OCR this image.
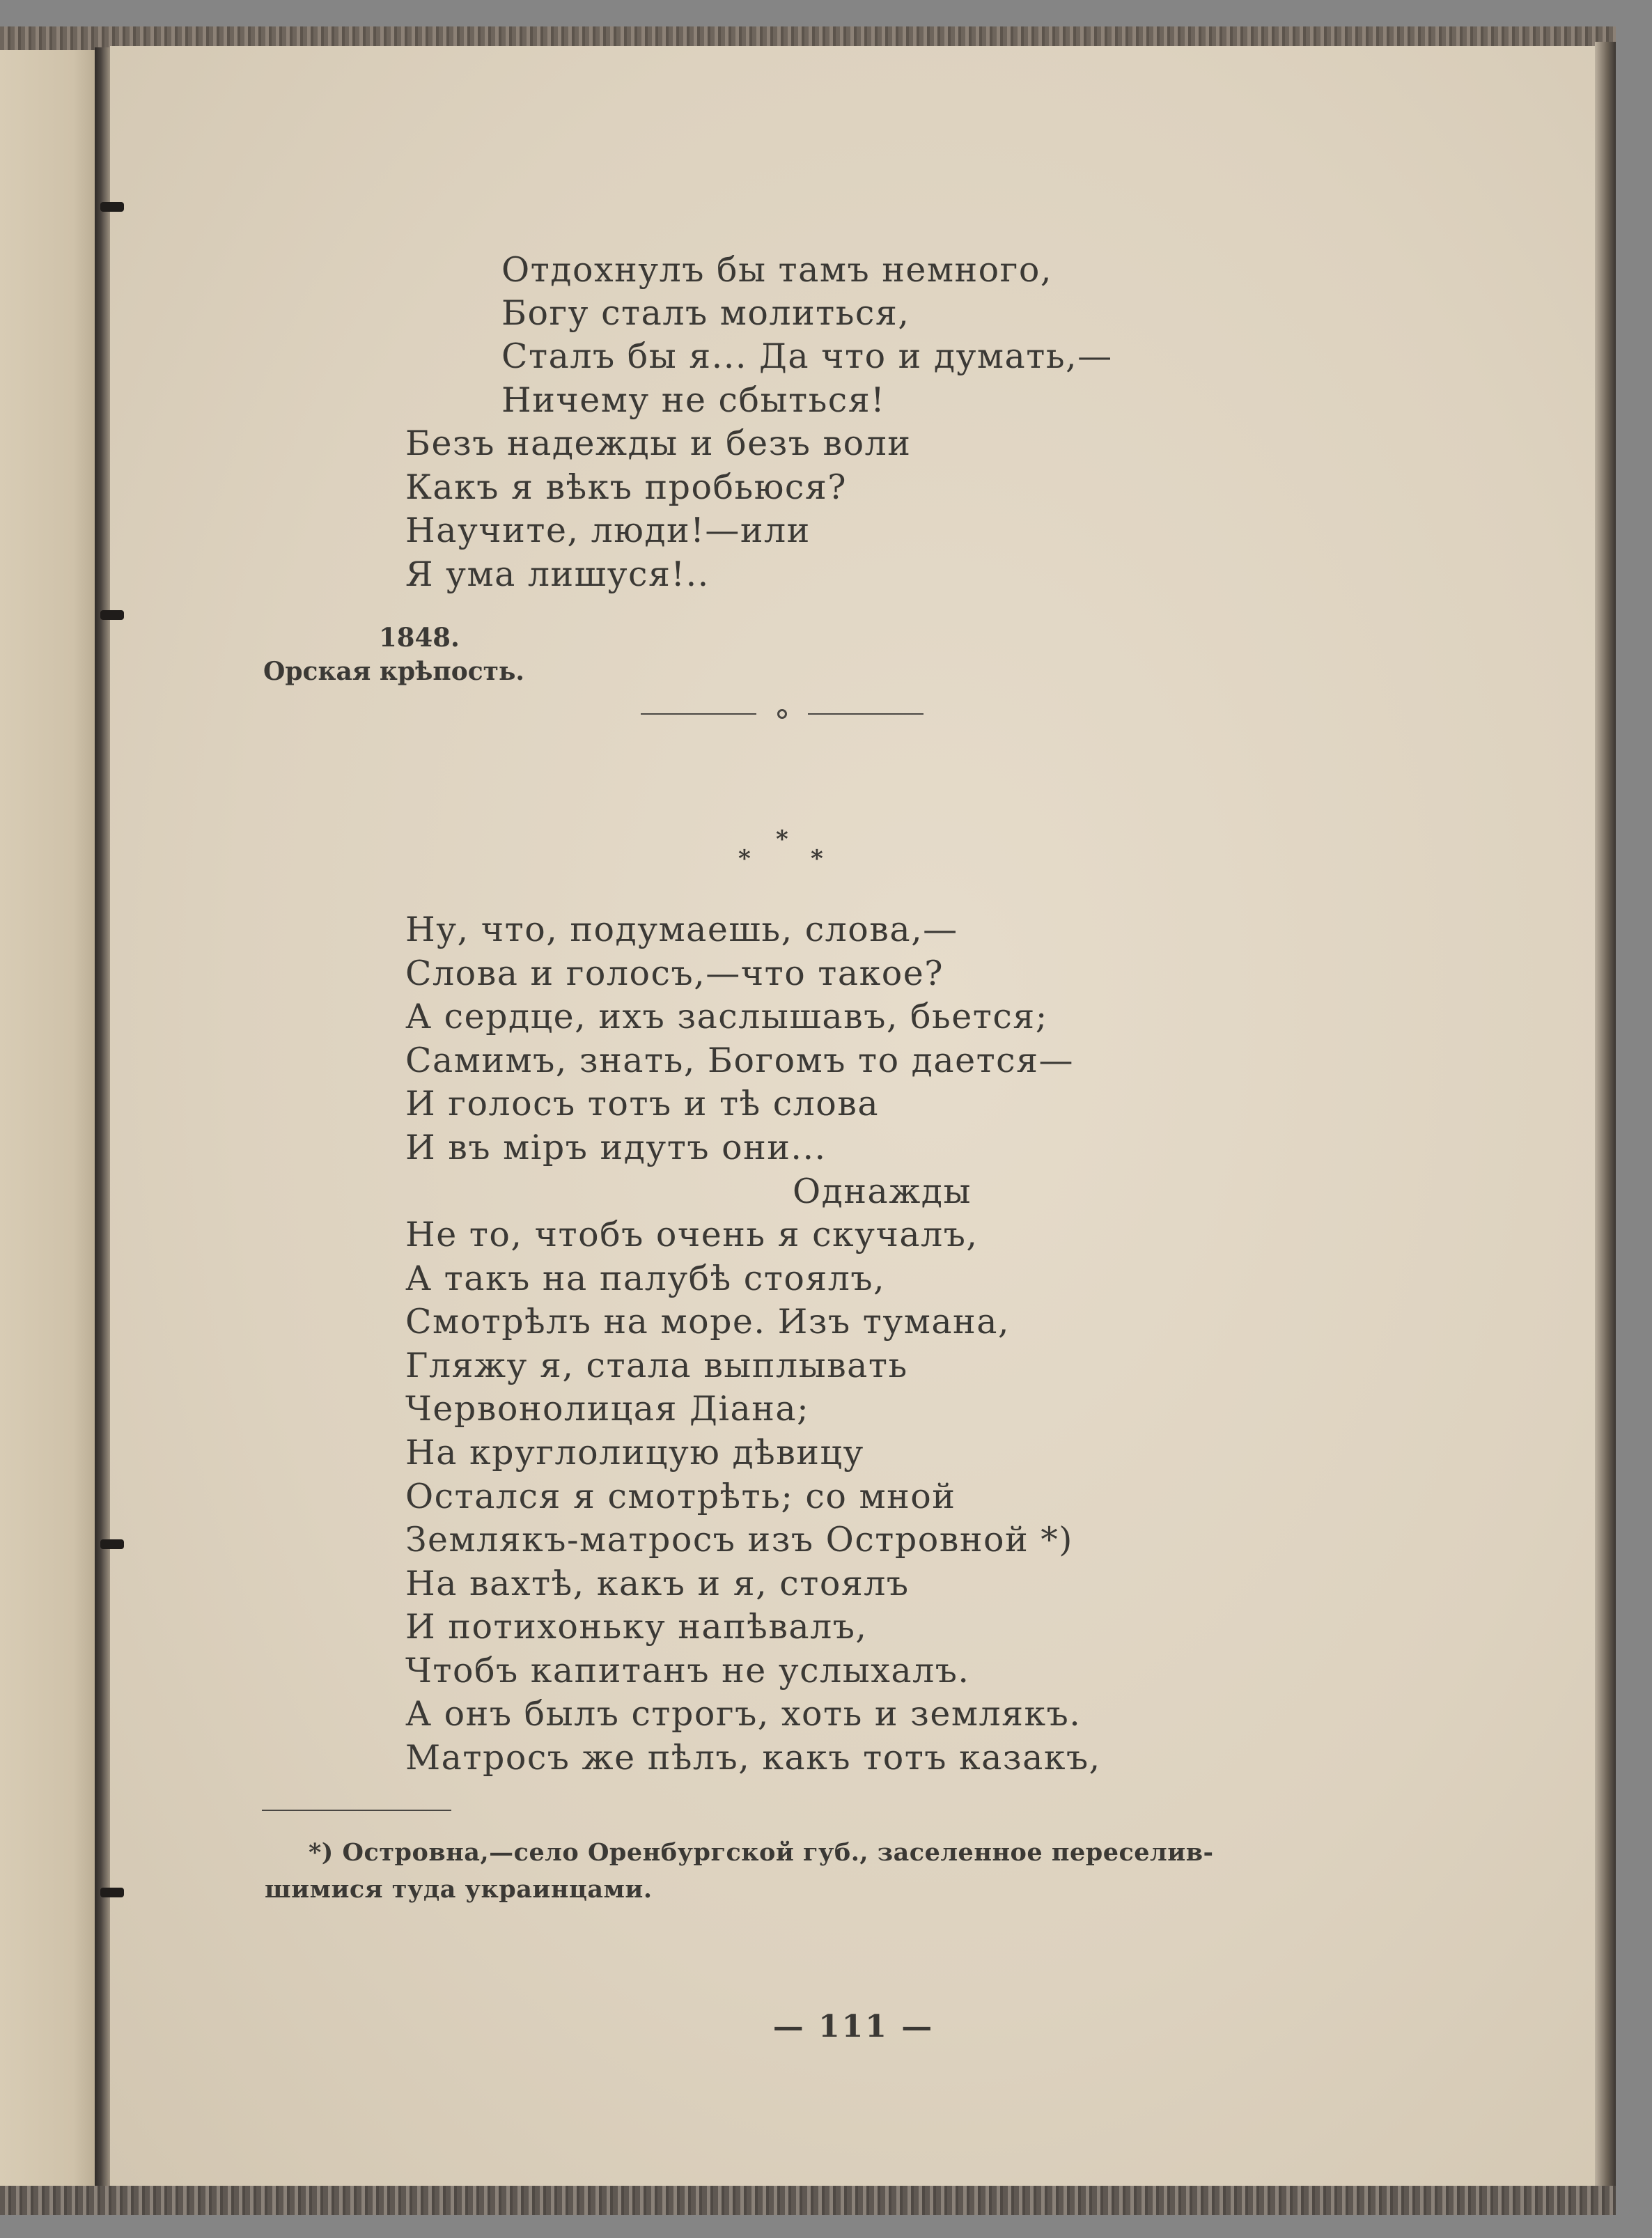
Отдохнулъ бы тамъ немного,
Богу сталъ молиться,
Сталъ бы я... Да что и думать,—
Ничему не сбыться!
Безъ надежды и безъ воли
Какъ я вѣкъ пробьюся?
Научите, люди!—или
Я ума лишуся!..
1848.
Орская крѣпость.
*
*	*
Ну, что, подумаешь, слова,—
Слова и голосъ,—что такое?
А сердце, ихъ заслышавъ, бьется;
Самимъ, знать, Богомъ то дается—
И голосъ тотъ и тѣ слова
И въ міръ идутъ они...
Однажды
Не то, чтобъ очень я скучалъ,
А такъ на палубѣ стоялъ,
Смотрѣлъ на море. Изъ тумана,
Гляжу я, стала выплывать
Червонолицая Діана;
На круглолицую дѣвицу
Остался я смотрѣть; со мной
Землякъ-матросъ изъ Островной *)
На вахтѣ, какъ и я, стоялъ
И потихоньку напѣвалъ,
Чтобъ капитанъ не услыхалъ.
А онъ былъ строгъ, хоть и землякъ.
Матросъ же пѣлъ, какъ тотъ казакъ,
*) Островна,—село Оренбургской губ., заселенное переселив-
шимися туда украинцами.
— 111 —
